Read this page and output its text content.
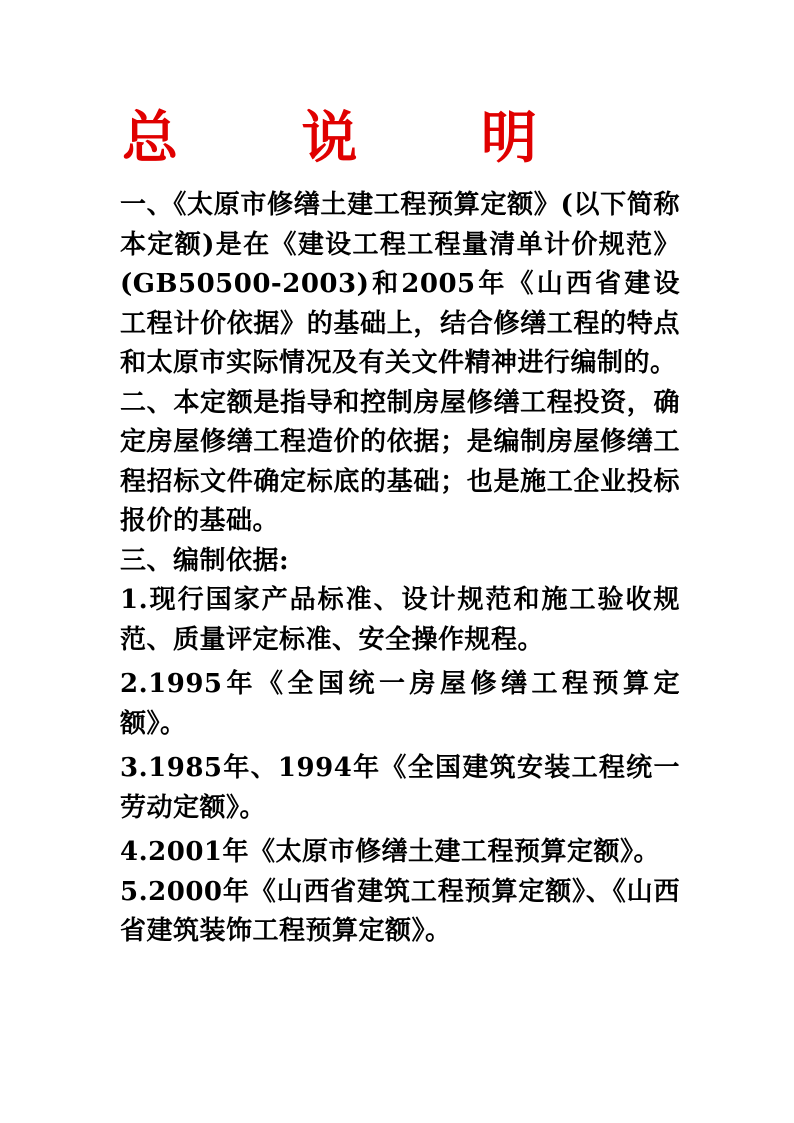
总 说 明

一、《太原市修缮土建工程预算定额》(以下简称本定额)是在《建设工程工程量清单计价规范》(GB50500-2003)和2005年《山西省建设工程计价依据》的基础上，结合修缮工程的特点和太原市实际情况及有关文件精神进行编制的。

二、本定额是指导和控制房屋修缮工程投资，确定房屋修缮工程造价的依据；是编制房屋修缮工程招标文件确定标底的基础；也是施工企业投标报价的基础。

三、编制依据:

1.现行国家产品标准、设计规范和施工验收规范、质量评定标准、安全操作规程。

2.1995年《全国统一房屋修缮工程预算定额》。

3.1985年、1994年《全国建筑安装工程统一劳动定额》。

4.2001年《太原市修缮土建工程预算定额》。

5.2000年《山西省建筑工程预算定额》、《山西省建筑装饰工程预算定额》。
